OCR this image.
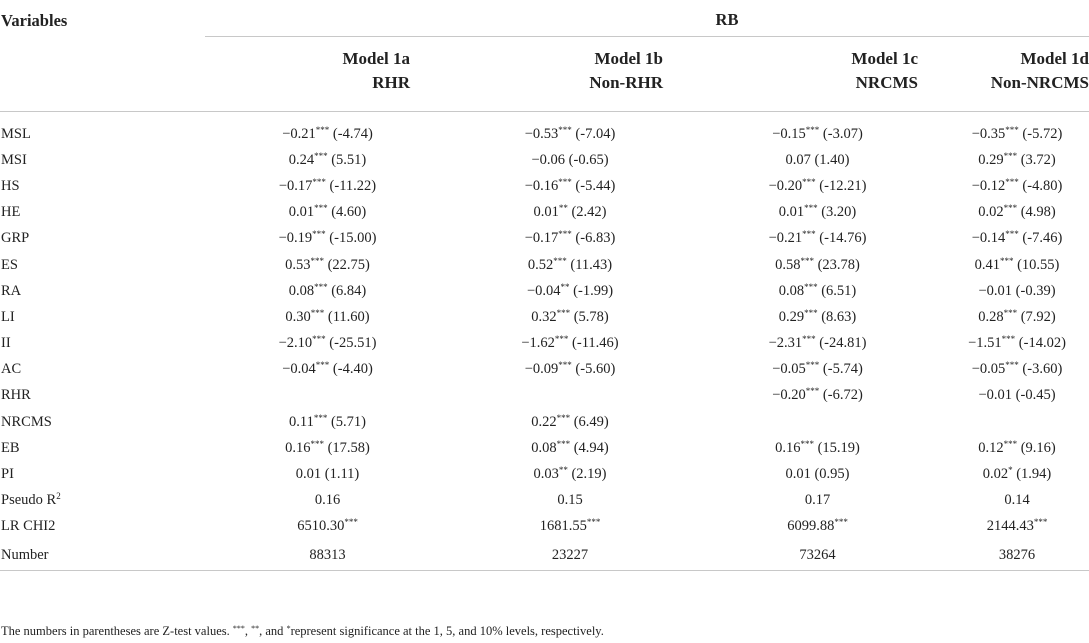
Variables	RB			
	Model 1a	Model 1b	Model 1c	Model 1d
	RHR	Non-RHR	NRCMS	Non-NRCMS

MSL	−0.21*** (-4.74)	−0.53*** (-7.04)	−0.15*** (-3.07)	−0.35*** (-5.72)
MSI	0.24*** (5.51)	−0.06 (-0.65)	0.07 (1.40)	0.29*** (3.72)
HS	−0.17*** (-11.22)	−0.16*** (-5.44)	−0.20*** (-12.21)	−0.12*** (-4.80)
HE	0.01*** (4.60)	0.01** (2.42)	0.01*** (3.20)	0.02*** (4.98)
GRP	−0.19*** (-15.00)	−0.17*** (-6.83)	−0.21*** (-14.76)	−0.14*** (-7.46)
ES	0.53*** (22.75)	0.52*** (11.43)	0.58*** (23.78)	0.41*** (10.55)
RA	0.08*** (6.84)	−0.04** (-1.99)	0.08*** (6.51)	−0.01 (-0.39)
LI	0.30*** (11.60)	0.32*** (5.78)	0.29*** (8.63)	0.28*** (7.92)
II	−2.10*** (-25.51)	−1.62*** (-11.46)	−2.31*** (-24.81)	−1.51*** (-14.02)
AC	−0.04*** (-4.40)	−0.09*** (-5.60)	−0.05*** (-5.74)	−0.05*** (-3.60)
RHR			−0.20*** (-6.72)	−0.01 (-0.45)
NRCMS	0.11*** (5.71)	0.22*** (6.49)		
EB	0.16*** (17.58)	0.08*** (4.94)	0.16*** (15.19)	0.12*** (9.16)
PI	0.01 (1.11)	0.03** (2.19)	0.01 (0.95)	0.02* (1.94)
Pseudo $R^2$	0.16	0.15	0.17	0.14
LR CHI2	6510.30***	1681.55***	6099.88***	2144.43***
Number	88313	23227	73264	38276
The numbers in parentheses are Z-test values. ***, **, and *represent significance at the 1, 5, and 10% levels, respectively.
